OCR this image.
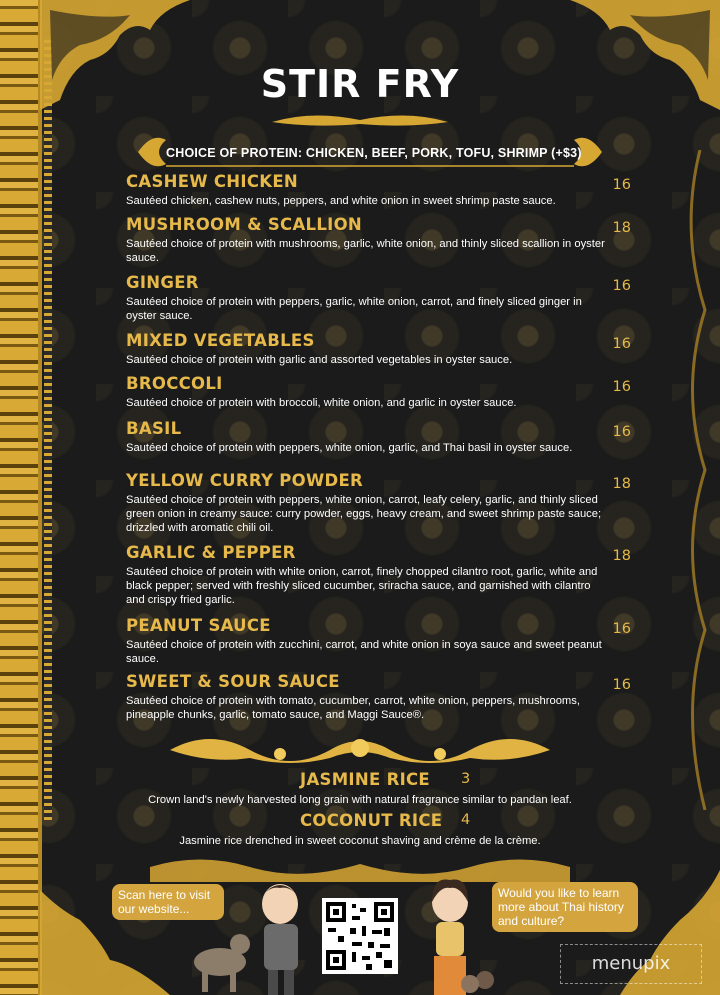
STIR FRY
CHOICE OF PROTEIN: CHICKEN, BEEF, PORK, TOFU, SHRIMP (+$3)
CASHEW CHICKEN	16
Sautéed chicken, cashew nuts, peppers, and white onion in sweet shrimp paste sauce.
MUSHROOM & SCALLION	18
Sautéed choice of protein with mushrooms, garlic, white onion, and thinly sliced scallion in oyster sauce.
GINGER	16
Sautéed choice of protein with peppers, garlic, white onion, carrot, and finely sliced ginger in oyster sauce.
MIXED VEGETABLES	16
Sautéed choice of protein with garlic and assorted vegetables in oyster sauce.
BROCCOLI	16
Sautéed choice of protein with broccoli, white onion, and garlic in oyster sauce.
BASIL	16
Sautéed choice of protein with peppers, white onion, garlic, and Thai basil in oyster sauce.
YELLOW CURRY POWDER	18
Sautéed choice of protein with peppers, white onion, carrot, leafy celery, garlic, and thinly sliced green onion in creamy sauce: curry powder, eggs, heavy cream, and sweet shrimp paste sauce; drizzled with aromatic chili oil.
GARLIC & PEPPER	18
Sautéed choice of protein with white onion, carrot, finely chopped cilantro root, garlic, white and black pepper; served with freshly sliced cucumber, sriracha sauce, and garnished with cilantro and crispy fried garlic.
PEANUT SAUCE	16
Sautéed choice of protein with zucchini, carrot, and white onion in soya sauce and sweet peanut sauce.
SWEET & SOUR SAUCE	16
Sautéed choice of protein with tomato, cucumber, carrot, white onion, peppers, mushrooms, pineapple chunks, garlic, tomato sauce, and Maggi Sauce®.
JASMINE RICE 3
Crown land's newly harvested long grain with natural fragrance similar to pandan leaf.
COCONUT RICE 4
Jasmine rice drenched in sweet coconut shaving and crème de la crème.
Scan here to visit our website...
Would you like to learn more about Thai history and culture?
menupix
